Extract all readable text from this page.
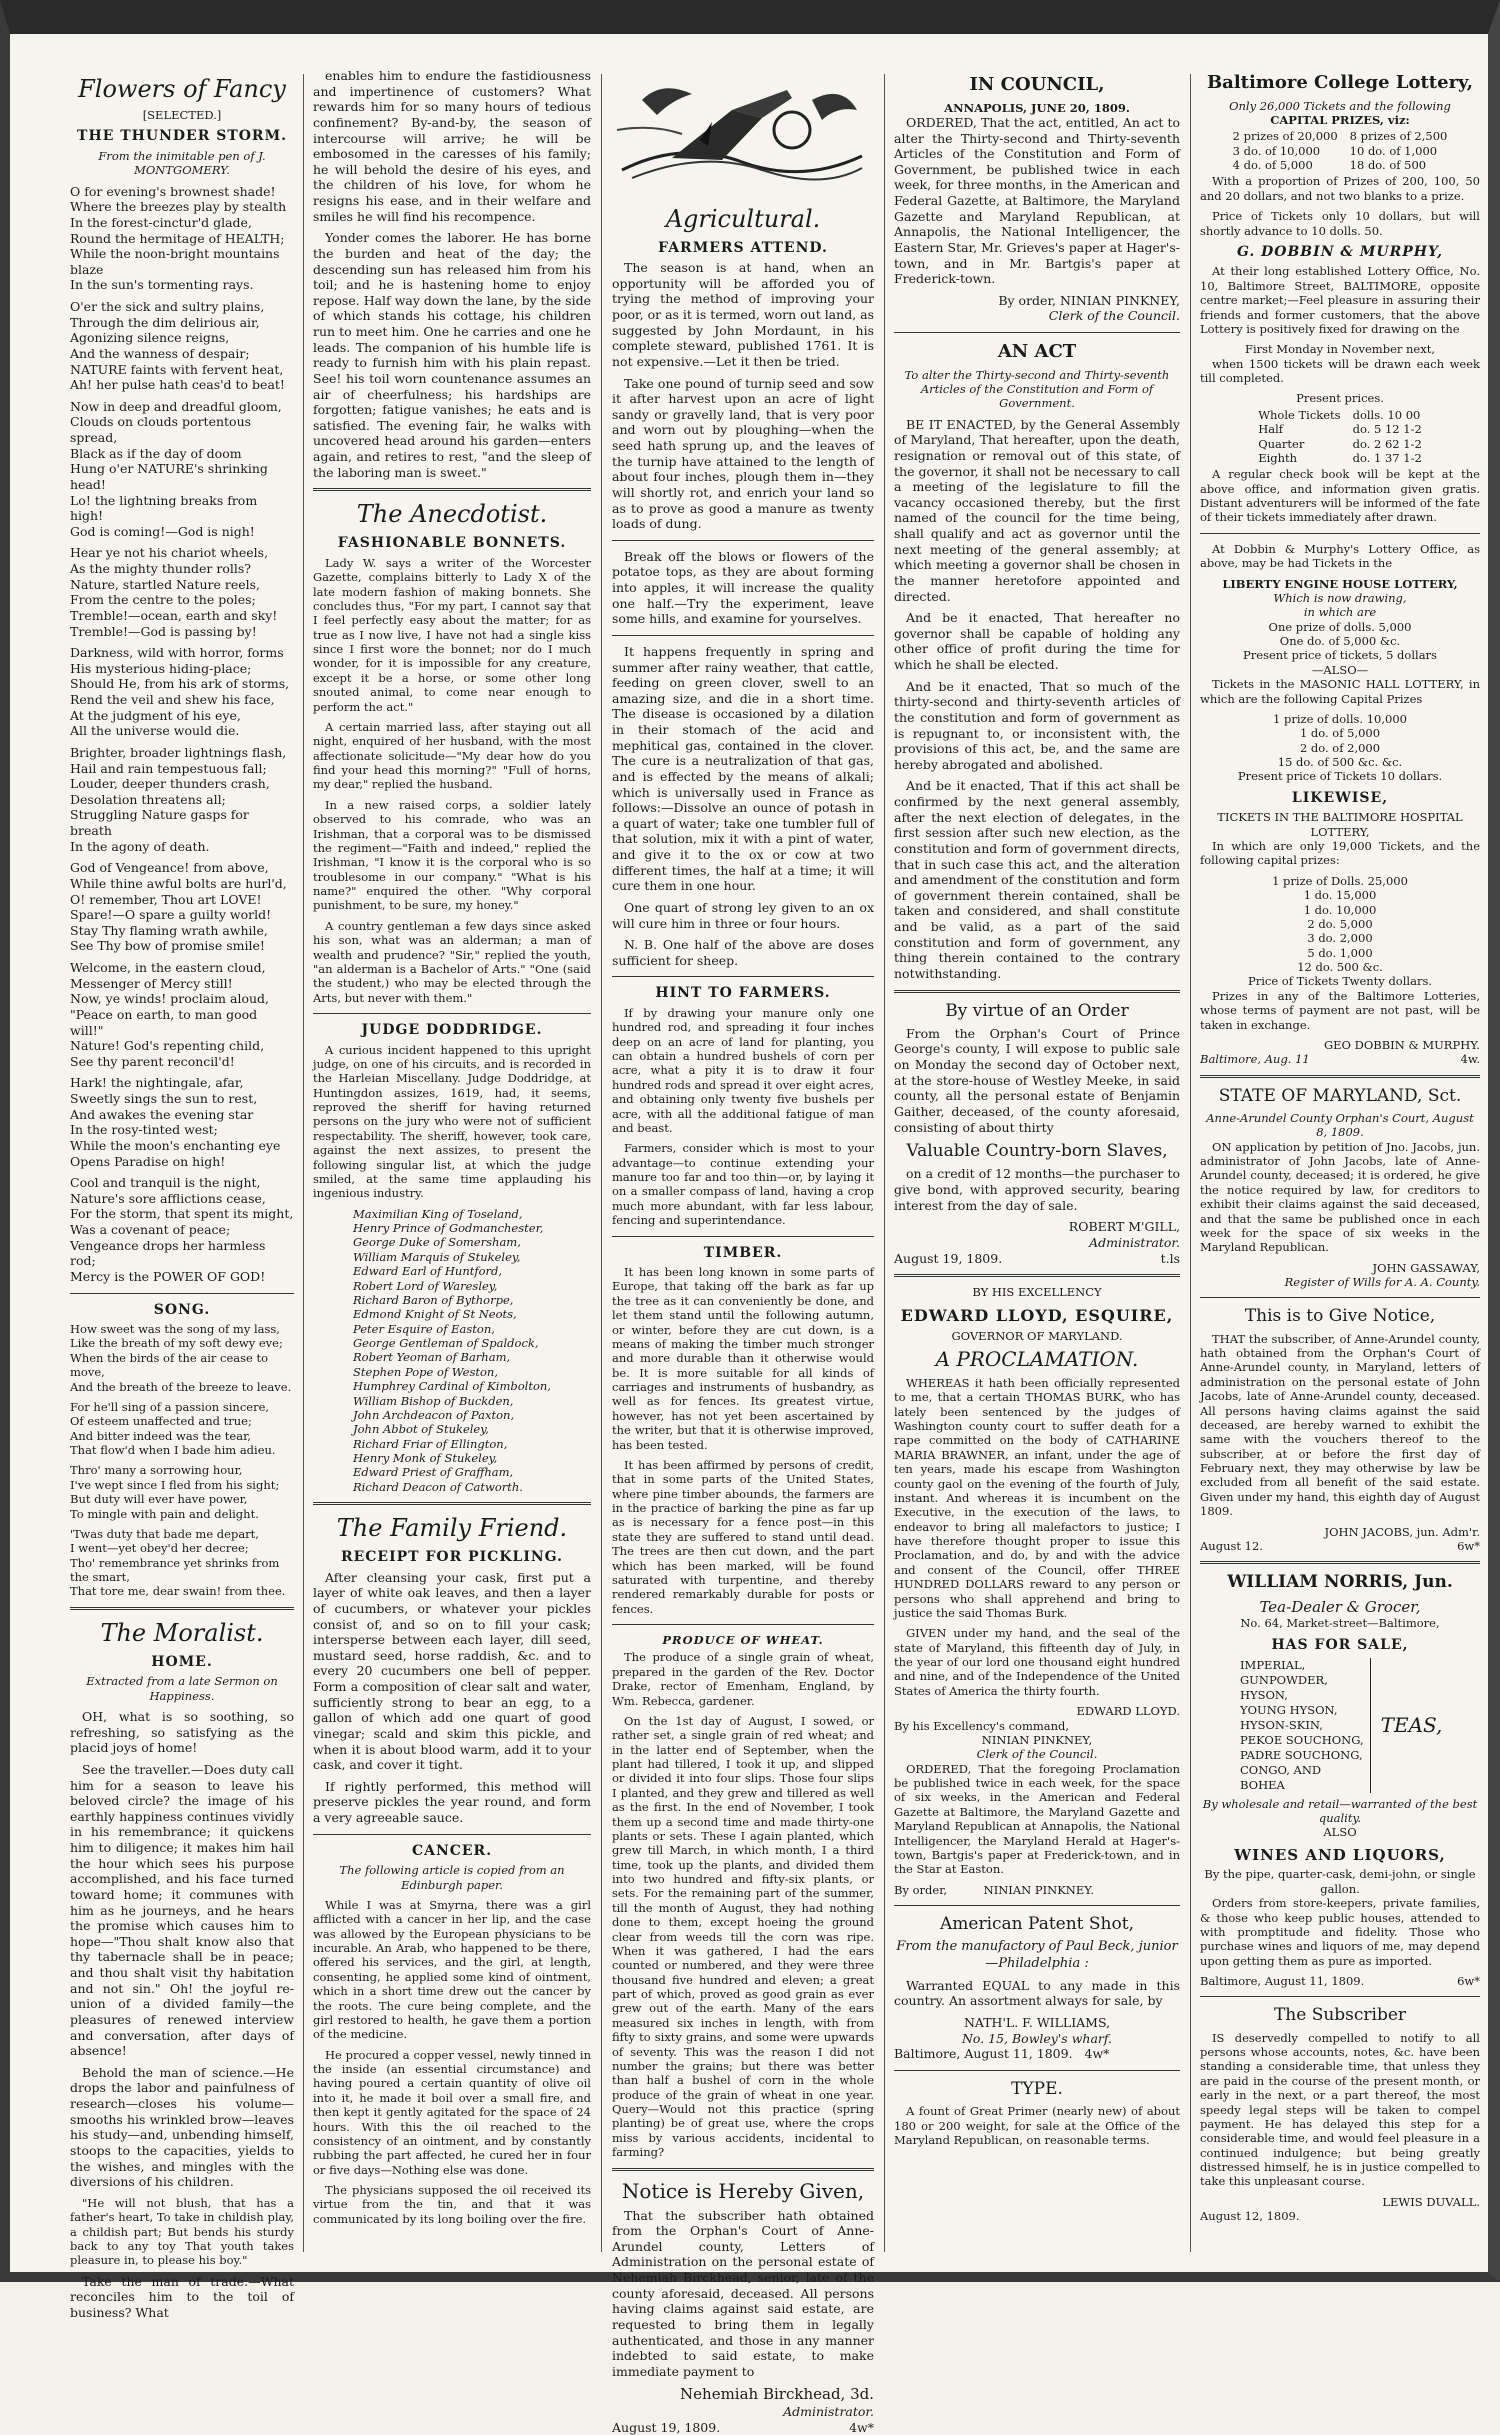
Flowers of Fancy
[SELECTED.]
THE THUNDER STORM.
From the inimitable pen of J. MONTGOMERY.

O for evening's brownest shade!
Where the breezes play by stealth
In the forest-cinctur'd glade,
Round the hermitage of HEALTH;
While the noon-bright mountains blaze
In the sun's tormenting rays.

O'er the sick and sultry plains,
Through the dim delirious air,
Agonizing silence reigns,
And the wanness of despair;
NATURE faints with fervent heat,
Ah! her pulse hath ceas'd to beat!

Now in deep and dreadful gloom,
Clouds on clouds portentous spread,
Black as if the day of doom
Hung o'er NATURE's shrinking head!
Lo! the lightning breaks from high!
God is coming!—God is nigh!

Hear ye not his chariot wheels,
As the mighty thunder rolls?
Nature, startled Nature reels,
From the centre to the poles;
Tremble!—ocean, earth and sky!
Tremble!—God is passing by!

Darkness, wild with horror, forms
His mysterious hiding-place;
Should He, from his ark of storms,
Rend the veil and shew his face,
At the judgment of his eye,
All the universe would die.

Brighter, broader lightnings flash,
Hail and rain tempestuous fall;
Louder, deeper thunders crash,
Desolation threatens all;
Struggling Nature gasps for breath
In the agony of death.

God of Vengeance! from above,
While thine awful bolts are hurl'd,
O! remember, Thou art LOVE!
Spare!—O spare a guilty world!
Stay Thy flaming wrath awhile,
See Thy bow of promise smile!

Welcome, in the eastern cloud,
Messenger of Mercy still!
Now, ye winds! proclaim aloud,
"Peace on earth, to man good will!"
Nature! God's repenting child,
See thy parent reconcil'd!

Hark! the nightingale, afar,
Sweetly sings the sun to rest,
And awakes the evening star
In the rosy-tinted west;
While the moon's enchanting eye
Opens Paradise on high!

Cool and tranquil is the night,
Nature's sore afflictions cease,
For the storm, that spent its might,
Was a covenant of peace;
Vengeance drops her harmless rod;
Mercy is the POWER OF GOD!

SONG.

How sweet was the song of my lass,
Like the breath of my soft dewy eve;
When the birds of the air cease to move,
And the breath of the breeze to leave.

For he'll sing of a passion sincere,
Of esteem unaffected and true;
And bitter indeed was the tear,
That flow'd when I bade him adieu.

Thro' many a sorrowing hour,
I've wept since I fled from his sight;
But duty will ever have power,
To mingle with pain and delight.

'Twas duty that bade me depart,
I went—yet obey'd her decree;
Tho' remembrance yet shrinks from the smart,
That tore me, dear swain! from thee.

The Moralist.
HOME.
Extracted from a late Sermon on Happiness.

OH, what is so soothing, so refreshing, so satisfying as the placid joys of home!

See the traveller.—Does duty call him for a season to leave his beloved circle? the image of his earthly happiness continues vividly in his remembrance; it quickens him to diligence; it makes him hail the hour which sees his purpose accomplished, and his face turned toward home; it communes with him as he journeys, and he hears the promise which causes him to hope—"Thou shalt know also that thy tabernacle shall be in peace; and thou shalt visit thy habitation and not sin." Oh! the joyful re-union of a divided family—the pleasures of renewed interview and conversation, after days of absence!

Behold the man of science.—He drops the labor and painfulness of research—closes his volume—smooths his wrinkled brow—leaves his study—and, unbending himself, stoops to the capacities, yields to the wishes, and mingles with the diversions of his children.

"He will not blush, that has a father's heart, To take in childish play, a childish part; But bends his sturdy back to any toy That youth takes pleasure in, to please his boy."

Take the man of trade.—What reconciles him to the toil of business? What

enables him to endure the fastidiousness and impertinence of customers? What rewards him for so many hours of tedious confinement? By-and-by, the season of intercourse will arrive; he will be embosomed in the caresses of his family; he will behold the desire of his eyes, and the children of his love, for whom he resigns his ease, and in their welfare and smiles he will find his recompence.

Yonder comes the laborer. He has borne the burden and heat of the day; the descending sun has released him from his toil; and he is hastening home to enjoy repose. Half way down the lane, by the side of which stands his cottage, his children run to meet him. One he carries and one he leads. The companion of his humble life is ready to furnish him with his plain repast. See! his toil worn countenance assumes an air of cheerfulness; his hardships are forgotten; fatigue vanishes; he eats and is satisfied. The evening fair, he walks with uncovered head around his garden—enters again, and retires to rest, "and the sleep of the laboring man is sweet."

The Anecdotist.
FASHIONABLE BONNETS.

Lady W. says a writer of the Worcester Gazette, complains bitterly to Lady X of the late modern fashion of making bonnets. She concludes thus, "For my part, I cannot say that I feel perfectly easy about the matter; for as true as I now live, I have not had a single kiss since I first wore the bonnet; nor do I much wonder, for it is impossible for any creature, except it be a horse, or some other long snouted animal, to come near enough to perform the act."

A certain married lass, after staying out all night, enquired of her husband, with the most affectionate solicitude—"My dear how do you find your head this morning?" "Full of horns, my dear," replied the husband.

In a new raised corps, a soldier lately observed to his comrade, who was an Irishman, that a corporal was to be dismissed the regiment—"Faith and indeed," replied the Irishman, "I know it is the corporal who is so troublesome in our company." "What is his name?" enquired the other. "Why corporal punishment, to be sure, my honey."

A country gentleman a few days since asked his son, what was an alderman; a man of wealth and prudence? "Sir," replied the youth, "an alderman is a Bachelor of Arts." "One (said the student,) who may be elected through the Arts, but never with them."

JUDGE DODDRIDGE.

A curious incident happened to this upright judge, on one of his circuits, and is recorded in the Harleian Miscellany. Judge Doddridge, at Huntingdon assizes, 1619, had, it seems, reproved the sheriff for having returned persons on the jury who were not of sufficient respectability. The sheriff, however, took care, against the next assizes, to present the following singular list, at which the judge smiled, at the same time applauding his ingenious industry.

Maximilian King of Toseland,
Henry Prince of Godmanchester,
George Duke of Somersham,
William Marquis of Stukeley,
Edward Earl of Huntford,
Robert Lord of Waresley,
Richard Baron of Bythorpe,
Edmond Knight of St Neots,
Peter Esquire of Easton,
George Gentleman of Spaldock,
Robert Yeoman of Barham,
Stephen Pope of Weston,
Humphrey Cardinal of Kimbolton,
William Bishop of Buckden,
John Archdeacon of Paxton,
John Abbot of Stukeley,
Richard Friar of Ellington,
Henry Monk of Stukeley,
Edward Priest of Graffham,
Richard Deacon of Catworth.
The Family Friend.
RECEIPT FOR PICKLING.

After cleansing your cask, first put a layer of white oak leaves, and then a layer of cucumbers, or whatever your pickles consist of, and so on to fill your cask; intersperse between each layer, dill seed, mustard seed, horse raddish, &c. and to every 20 cucumbers one bell of pepper. Form a composition of clear salt and water, sufficiently strong to bear an egg, to a gallon of which add one quart of good vinegar; scald and skim this pickle, and when it is about blood warm, add it to your cask, and cover it tight.

If rightly performed, this method will preserve pickles the year round, and form a very agreeable sauce.

CANCER.
The following article is copied from an Edinburgh paper.

While I was at Smyrna, there was a girl afflicted with a cancer in her lip, and the case was allowed by the European physicians to be incurable. An Arab, who happened to be there, offered his services, and the girl, at length, consenting, he applied some kind of ointment, which in a short time drew out the cancer by the roots. The cure being complete, and the girl restored to health, he gave them a portion of the medicine.

He procured a copper vessel, newly tinned in the inside (an essential circumstance) and having poured a certain quantity of olive oil into it, he made it boil over a small fire, and then kept it gently agitated for the space of 24 hours. With this the oil reached to the consistency of an ointment, and by constantly rubbing the part affected, he cured her in four or five days—Nothing else was done.

The physicians supposed the oil received its virtue from the tin, and that it was communicated by its long boiling over the fire.

Agricultural.
FARMERS ATTEND.

The season is at hand, when an opportunity will be afforded you of trying the method of improving your poor, or as it is termed, worn out land, as suggested by John Mordaunt, in his complete steward, published 1761. It is not expensive.—Let it then be tried.

Take one pound of turnip seed and sow it after harvest upon an acre of light sandy or gravelly land, that is very poor and worn out by ploughing—when the seed hath sprung up, and the leaves of the turnip have attained to the length of about four inches, plough them in—they will shortly rot, and enrich your land so as to prove as good a manure as twenty loads of dung.

Break off the blows or flowers of the potatoe tops, as they are about forming into apples, it will increase the quality one half.—Try the experiment, leave some hills, and examine for yourselves.

It happens frequently in spring and summer after rainy weather, that cattle, feeding on green clover, swell to an amazing size, and die in a short time. The disease is occasioned by a dilation in their stomach of the acid and mephitical gas, contained in the clover. The cure is a neutralization of that gas, and is effected by the means of alkali; which is universally used in France as follows:—Dissolve an ounce of potash in a quart of water; take one tumbler full of that solution, mix it with a pint of water, and give it to the ox or cow at two different times, the half at a time; it will cure them in one hour.

One quart of strong ley given to an ox will cure him in three or four hours.

N. B. One half of the above are doses sufficient for sheep.

HINT TO FARMERS.

If by drawing your manure only one hundred rod, and spreading it four inches deep on an acre of land for planting, you can obtain a hundred bushels of corn per acre, what a pity it is to draw it four hundred rods and spread it over eight acres, and obtaining only twenty five bushels per acre, with all the additional fatigue of man and beast.

Farmers, consider which is most to your advantage—to continue extending your manure too far and too thin—or, by laying it on a smaller compass of land, having a crop much more abundant, with far less labour, fencing and superintendance.

TIMBER.

It has been long known in some parts of Europe, that taking off the bark as far up the tree as it can conveniently be done, and let them stand until the following autumn, or winter, before they are cut down, is a means of making the timber much stronger and more durable than it otherwise would be. It is more suitable for all kinds of carriages and instruments of husbandry, as well as for fences. Its greatest virtue, however, has not yet been ascertained by the writer, but that it is otherwise improved, has been tested.

It has been affirmed by persons of credit, that in some parts of the United States, where pine timber abounds, the farmers are in the practice of barking the pine as far up as is necessary for a fence post—in this state they are suffered to stand until dead. The trees are then cut down, and the part which has been marked, will be found saturated with turpentine, and thereby rendered remarkably durable for posts or fences.

PRODUCE OF WHEAT.

The produce of a single grain of wheat, prepared in the garden of the Rev. Doctor Drake, rector of Emenham, England, by Wm. Rebecca, gardener.

On the 1st day of August, I sowed, or rather set, a single grain of red wheat; and in the latter end of September, when the plant had tillered, I took it up, and slipped or divided it into four slips. Those four slips I planted, and they grew and tillered as well as the first. In the end of November, I took them up a second time and made thirty-one plants or sets. These I again planted, which grew till March, in which month, I a third time, took up the plants, and divided them into two hundred and fifty-six plants, or sets. For the remaining part of the summer, till the month of August, they had nothing done to them, except hoeing the ground clear from weeds till the corn was ripe. When it was gathered, I had the ears counted or numbered, and they were three thousand five hundred and eleven; a great part of which, proved as good grain as ever grew out of the earth. Many of the ears measured six inches in length, with from fifty to sixty grains, and some were upwards of seventy. This was the reason I did not number the grains; but there was better than half a bushel of corn in the whole produce of the grain of wheat in one year. Query—Would not this practice (spring planting) be of great use, where the crops miss by various accidents, incidental to farming?

Notice is Hereby Given,

That the subscriber hath obtained from the Orphan's Court of Anne-Arundel county, Letters of Administration on the personal estate of Nehemiah Birckhead, senior, late of the county aforesaid, deceased. All persons having claims against said estate, are requested to bring them in legally authenticated, and those in any manner indebted to said estate, to make immediate payment to

Nehemiah Birckhead, 3d.
Administrator.
August 19, 1809.	4w*
IN COUNCIL,
ANNAPOLIS, JUNE 20, 1809.

ORDERED, That the act, entitled, An act to alter the Thirty-second and Thirty-seventh Articles of the Constitution and Form of Government, be published twice in each week, for three months, in the American and Federal Gazette, at Baltimore, the Maryland Gazette and Maryland Republican, at Annapolis, the National Intelligencer, the Eastern Star, Mr. Grieves's paper at Hager's-town, and in Mr. Bartgis's paper at Frederick-town.

By order, NINIAN PINKNEY,
Clerk of the Council.
AN ACT
To alter the Thirty-second and Thirty-seventh Articles of the Constitution and Form of Government.

BE IT ENACTED, by the General Assembly of Maryland, That hereafter, upon the death, resignation or removal out of this state, of the governor, it shall not be necessary to call a meeting of the legislature to fill the vacancy occasioned thereby, but the first named of the council for the time being, shall qualify and act as governor until the next meeting of the general assembly; at which meeting a governor shall be chosen in the manner heretofore appointed and directed.

And be it enacted, That hereafter no governor shall be capable of holding any other office of profit during the time for which he shall be elected.

And be it enacted, That so much of the thirty-second and thirty-seventh articles of the constitution and form of government as is repugnant to, or inconsistent with, the provisions of this act, be, and the same are hereby abrogated and abolished.

And be it enacted, That if this act shall be confirmed by the next general assembly, after the next election of delegates, in the first session after such new election, as the constitution and form of government directs, that in such case this act, and the alteration and amendment of the constitution and form of government therein contained, shall be taken and considered, and shall constitute and be valid, as a part of the said constitution and form of government, any thing therein contained to the contrary notwithstanding.

By virtue of an Order

From the Orphan's Court of Prince George's county, I will expose to public sale on Monday the second day of October next, at the store-house of Westley Meeke, in said county, all the personal estate of Benjamin Gaither, deceased, of the county aforesaid, consisting of about thirty

Valuable Country-born Slaves,

on a credit of 12 months—the purchaser to give bond, with approved security, bearing interest from the day of sale.

ROBERT M'GILL,
Administrator.
August 19, 1809.	t.ls
BY HIS EXCELLENCY
EDWARD LLOYD, ESQUIRE,
GOVERNOR OF MARYLAND.
A PROCLAMATION.

WHEREAS it hath been officially represented to me, that a certain THOMAS BURK, who has lately been sentenced by the judges of Washington county court to suffer death for a rape committed on the body of CATHARINE MARIA BRAWNER, an infant, under the age of ten years, made his escape from Washington county gaol on the evening of the fourth of July, instant. And whereas it is incumbent on the Executive, in the execution of the laws, to endeavor to bring all malefactors to justice; I have therefore thought proper to issue this Proclamation, and do, by and with the advice and consent of the Council, offer THREE HUNDRED DOLLARS reward to any person or persons who shall apprehend and bring to justice the said Thomas Burk.

GIVEN under my hand, and the seal of the state of Maryland, this fifteenth day of July, in the year of our lord one thousand eight hundred and nine, and of the Independence of the United States of America the thirty fourth.

EDWARD LLOYD.
By his Excellency's command,
NINIAN PINKNEY,
Clerk of the Council.

ORDERED, That the foregoing Proclamation be published twice in each week, for the space of six weeks, in the American and Federal Gazette at Baltimore, the Maryland Gazette and Maryland Republican at Annapolis, the National Intelligencer, the Maryland Herald at Hager's-town, Bartgis's paper at Frederick-town, and in the Star at Easton.

By order,          NINIAN PINKNEY.
American Patent Shot,
From the manufactory of Paul Beck, junior—Philadelphia :

Warranted EQUAL to any made in this country. An assortment always for sale, by

NATH'L. F. WILLIAMS,
No. 15, Bowley's wharf.
Baltimore, August 11, 1809. 4w*
TYPE.

A fount of Great Primer (nearly new) of about 180 or 200 weight, for sale at the Office of the Maryland Republican, on reasonable terms.

Baltimore College Lottery,
Only 26,000 Tickets and the following
CAPITAL PRIZES, viz:
2 prizes of 20,000	8 prizes of 2,500
3 do. of 10,000	10 do. of 1,000
4 do. of 5,000	18 do. of 500

With a proportion of Prizes of 200, 100, 50 and 20 dollars, and not two blanks to a prize.

Price of Tickets only 10 dollars, but will shortly advance to 10 dolls. 50.

G. DOBBIN & MURPHY,

At their long established Lottery Office, No. 10, Baltimore Street, BALTIMORE, opposite centre market;—Feel pleasure in assuring their friends and former customers, that the above Lottery is positively fixed for drawing on the

First Monday in November next,

when 1500 tickets will be drawn each week till completed.

Present prices.
Whole Tickets	dolls. 10 00
Half	do. 5 12 1-2
Quarter	do. 2 62 1-2
Eighth	do. 1 37 1-2

A regular check book will be kept at the above office, and information given gratis. Distant adventurers will be informed of the fate of their tickets immediately after drawn.

At Dobbin & Murphy's Lottery Office, as above, may be had Tickets in the

LIBERTY ENGINE HOUSE LOTTERY,
Which is now drawing,
in which are
One prize of dolls. 5,000
One do. of 5,000 &c.
Present price of tickets, 5 dollars
—ALSO—

Tickets in the MASONIC HALL LOTTERY, in which are the following Capital Prizes

1 prize of dolls. 10,000
1 do. of 5,000
2 do. of 2,000
15 do. of 500 &c. &c.
Present price of Tickets 10 dollars.
LIKEWISE,
TICKETS IN THE BALTIMORE HOSPITAL LOTTERY,

In which are only 19,000 Tickets, and the following capital prizes:

1 prize of Dolls. 25,000
1 do. 15,000
1 do. 10,000
2 do. 5,000
3 do. 2,000
5 do. 1,000
12 do. 500 &c.
Price of Tickets Twenty dollars.

Prizes in any of the Baltimore Lotteries, whose terms of payment are not past, will be taken in exchange.

GEO DOBBIN & MURPHY.
Baltimore, Aug. 11	4w.
STATE OF MARYLAND, Sct.
Anne-Arundel County Orphan's Court, August 8, 1809.

ON application by petition of Jno. Jacobs, jun. administrator of John Jacobs, late of Anne-Arundel county, deceased; it is ordered, he give the notice required by law, for creditors to exhibit their claims against the said deceased, and that the same be published once in each week for the space of six weeks in the Maryland Republican.

JOHN GASSAWAY,
Register of Wills for A. A. County.
This is to Give Notice,

THAT the subscriber, of Anne-Arundel county, hath obtained from the Orphan's Court of Anne-Arundel county, in Maryland, letters of administration on the personal estate of John Jacobs, late of Anne-Arundel county, deceased. All persons having claims against the said deceased, are hereby warned to exhibit the same with the vouchers thereof to the subscriber, at or before the first day of February next, they may otherwise by law be excluded from all benefit of the said estate. Given under my hand, this eighth day of August 1809.

JOHN JACOBS, jun. Adm'r.
August 12.	6w*
WILLIAM NORRIS, Jun.
Tea-Dealer & Grocer,
No. 64, Market-street—Baltimore,
HAS FOR SALE,
IMPERIAL,
GUNPOWDER,
HYSON,
YOUNG HYSON,
HYSON-SKIN,
PEKOE SOUCHONG,
PADRE SOUCHONG,
CONGO, AND
BOHEA
TEAS,
By wholesale and retail—warranted of the best quality.
ALSO
WINES AND LIQUORS,
By the pipe, quarter-cask, demi-john, or single gallon.

Orders from store-keepers, private families, & those who keep public houses, attended to with promptitude and fidelity. Those who purchase wines and liquors of me, may depend upon getting them as pure as imported.

Baltimore, August 11, 1809.	6w*
The Subscriber

IS deservedly compelled to notify to all persons whose accounts, notes, &c. have been standing a considerable time, that unless they are paid in the course of the present month, or early in the next, or a part thereof, the most speedy legal steps will be taken to compel payment. He has delayed this step for a considerable time, and would feel pleasure in a continued indulgence; but being greatly distressed himself, he is in justice compelled to take this unpleasant course.

LEWIS DUVALL.
August 12, 1809.
